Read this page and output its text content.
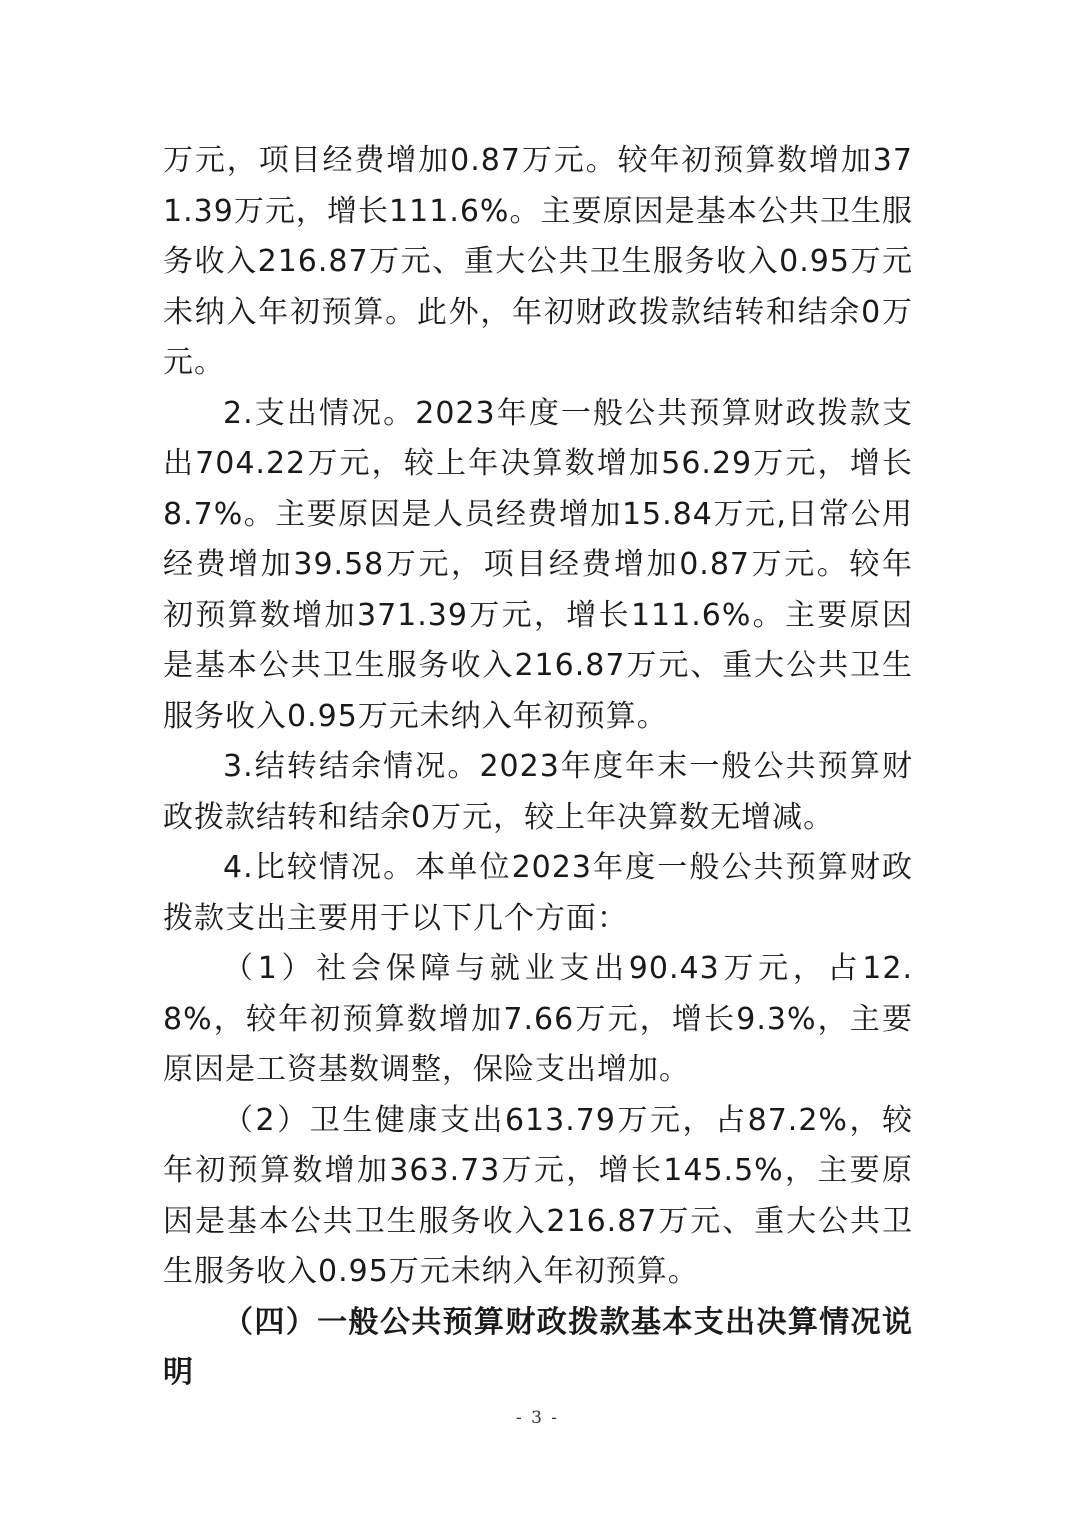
万元，项目经费增加0.87万元。较年初预算数增加371.39万元，增长111.6%。主要原因是基本公共卫生服务收入216.87万元、重大公共卫生服务收入0.95万元未纳入年初预算。此外，年初财政拨款结转和结余0万元。

2.支出情况。2023年度一般公共预算财政拨款支出704.22万元，较上年决算数增加56.29万元，增长8.7%。主要原因是人员经费增加15.84万元,日常公用经费增加39.58万元，项目经费增加0.87万元。较年初预算数增加371.39万元，增长111.6%。主要原因是基本公共卫生服务收入216.87万元、重大公共卫生服务收入0.95万元未纳入年初预算。

3.结转结余情况。2023年度年末一般公共预算财政拨款结转和结余0万元，较上年决算数无增减。

4.比较情况。本单位2023年度一般公共预算财政拨款支出主要用于以下几个方面：

（1）社会保障与就业支出90.43万元，占12.8%，较年初预算数增加7.66万元，增长9.3%，主要原因是工资基数调整，保险支出增加。

（2）卫生健康支出613.79万元，占87.2%，较年初预算数增加363.73万元，增长145.5%，主要原因是基本公共卫生服务收入216.87万元、重大公共卫生服务收入0.95万元未纳入年初预算。

（四）一般公共预算财政拨款基本支出决算情况说明

- 3 -
